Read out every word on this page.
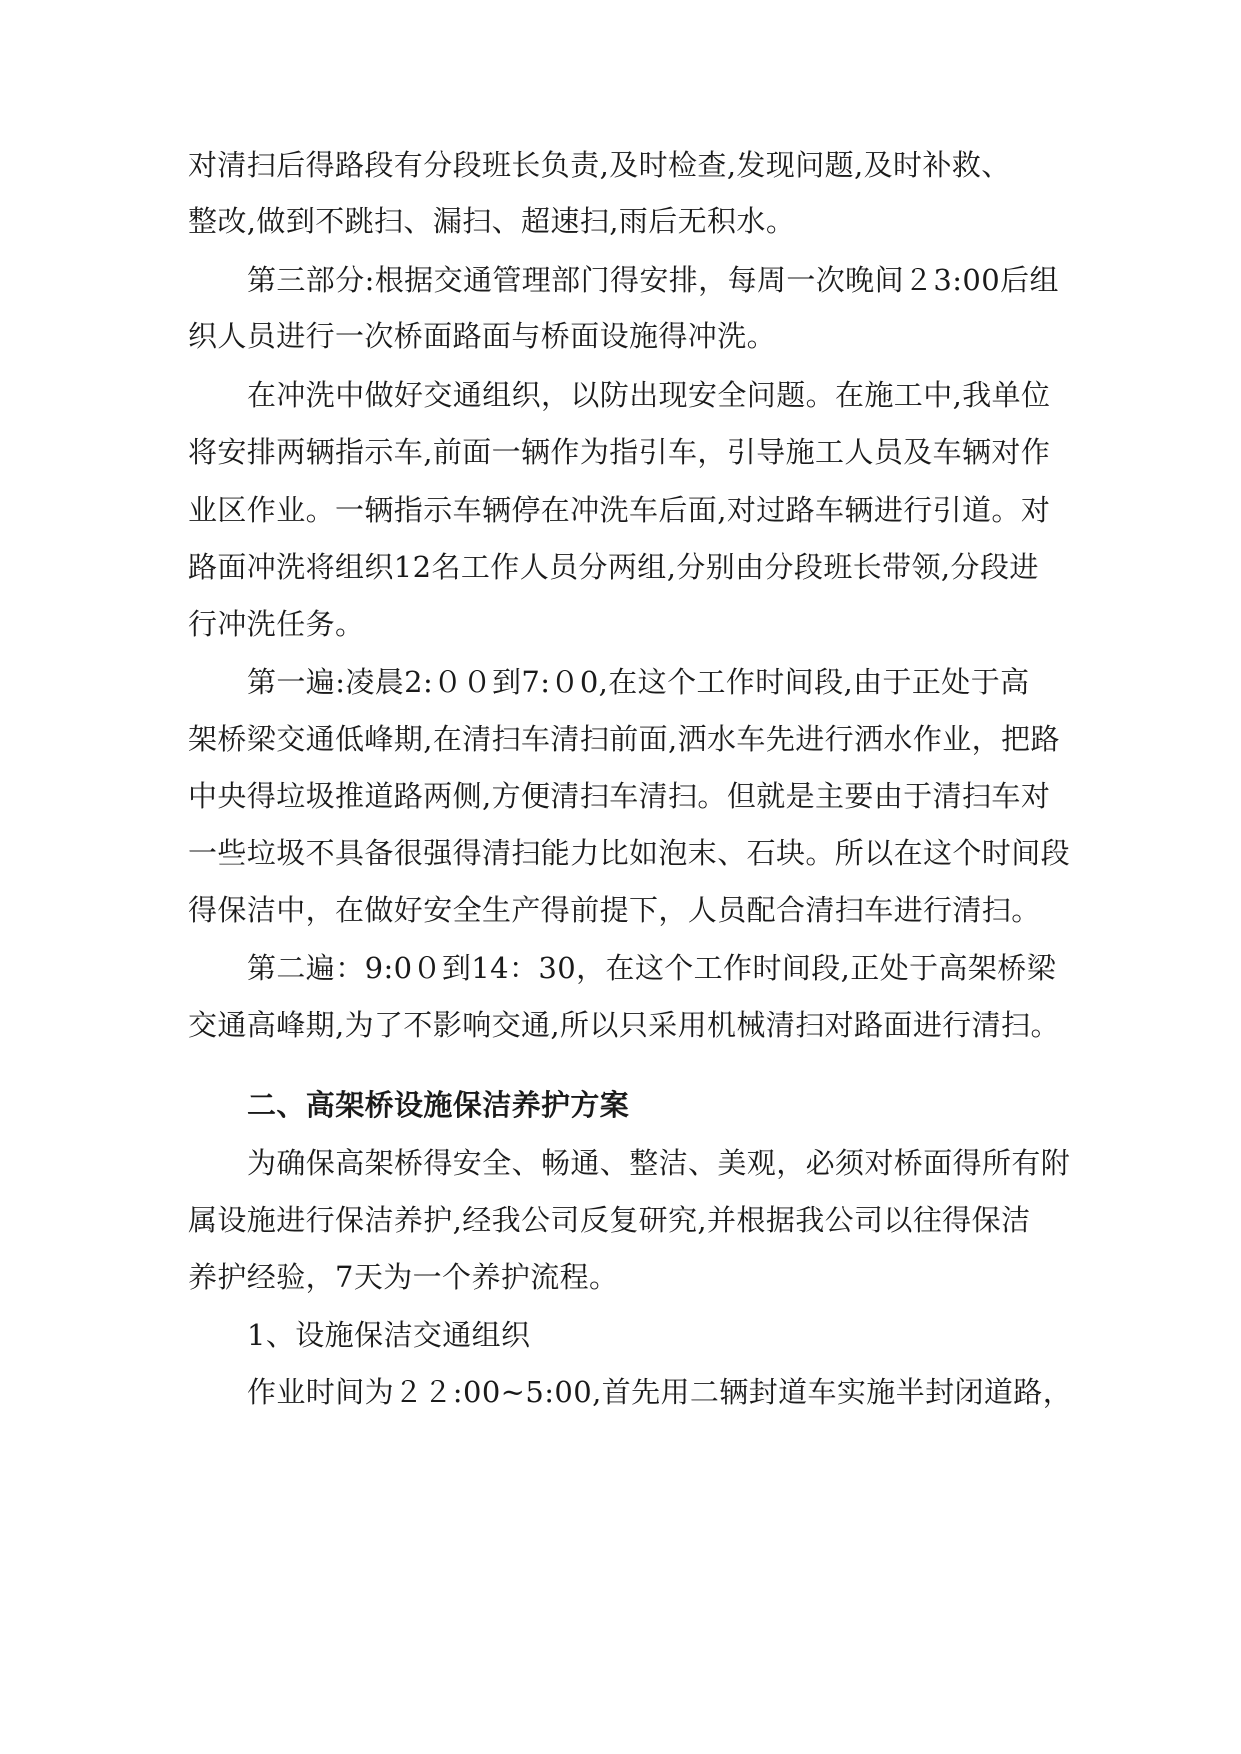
对清扫后得路段有分段班长负责,及时检查,发现问题,及时补救、
整改,做到不跳扫、漏扫、超速扫,雨后无积水。
第三部分:根据交通管理部门得安排，每周一次晚间２3:00后组
织人员进行一次桥面路面与桥面设施得冲洗。
在冲洗中做好交通组织，以防出现安全问题。在施工中,我单位
将安排两辆指示车,前面一辆作为指引车，引导施工人员及车辆对作
业区作业。一辆指示车辆停在冲洗车后面,对过路车辆进行引道。对
路面冲洗将组织12名工作人员分两组,分别由分段班长带领,分段进
行冲洗任务。
第一遍:凌晨2:００到7:０0,在这个工作时间段,由于正处于高
架桥梁交通低峰期,在清扫车清扫前面,洒水车先进行洒水作业，把路
中央得垃圾推道路两侧,方便清扫车清扫。但就是主要由于清扫车对
一些垃圾不具备很强得清扫能力比如泡末、石块。所以在这个时间段
得保洁中，在做好安全生产得前提下，人员配合清扫车进行清扫。
第二遍：9:0０到14：30，在这个工作时间段,正处于高架桥梁
交通高峰期,为了不影响交通,所以只采用机械清扫对路面进行清扫。
二、高架桥设施保洁养护方案
为确保高架桥得安全、畅通、整洁、美观，必须对桥面得所有附
属设施进行保洁养护,经我公司反复研究,并根据我公司以往得保洁
养护经验，7天为一个养护流程。
1、设施保洁交通组织
作业时间为２２:00~5:00,首先用二辆封道车实施半封闭道路，
